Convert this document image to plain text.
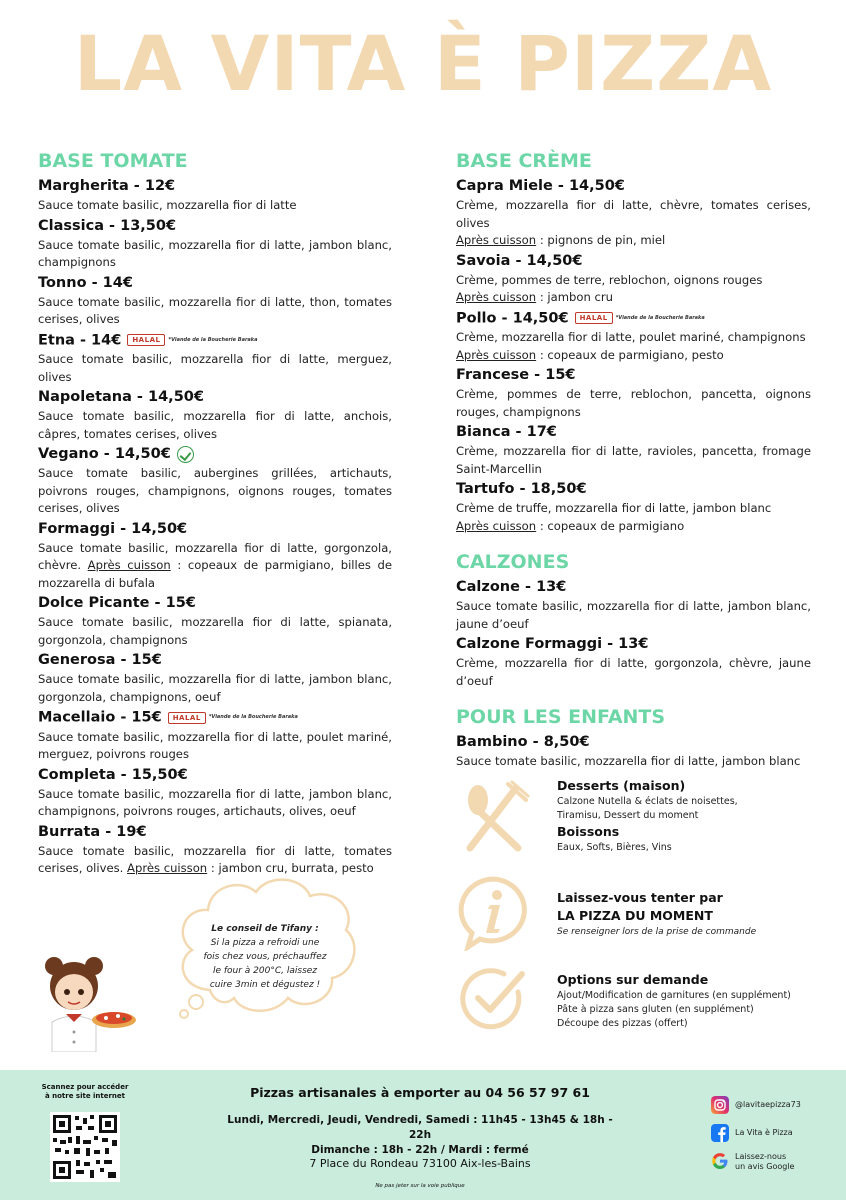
LA VITA È PIZZA
BASE TOMATE
Margherita - 12€
Sauce tomate basilic, mozzarella fior di latte
Classica - 13,50€
Sauce tomate basilic, mozzarella fior di latte, jambon blanc, champignons
Tonno - 14€
Sauce tomate basilic, mozzarella fior di latte, thon, tomates cerises, olives
Etna - 14€ HALAL *Viande de la Boucherie Baraka
Sauce tomate basilic, mozzarella fior di latte, merguez, olives
Napoletana - 14,50€
Sauce tomate basilic, mozzarella fior di latte, anchois, câpres, tomates cerises, olives
Vegano - 14,50€
Sauce tomate basilic, aubergines grillées, artichauts, poivrons rouges, champignons, oignons rouges, tomates cerises, olives
Formaggi - 14,50€
Sauce tomate basilic, mozzarella fior di latte, gorgonzola, chèvre. Après cuisson : copeaux de parmigiano, billes de mozzarella di bufala
Dolce Picante - 15€
Sauce tomate basilic, mozzarella fior di latte, spianata, gorgonzola, champignons
Generosa - 15€
Sauce tomate basilic, mozzarella fior di latte, jambon blanc, gorgonzola, champignons, oeuf
Macellaio - 15€ HALAL *Viande de la Boucherie Baraka
Sauce tomate basilic, mozzarella fior di latte, poulet mariné, merguez, poivrons rouges
Completa - 15,50€
Sauce tomate basilic, mozzarella fior di latte, jambon blanc, champignons, poivrons rouges, artichauts, olives, oeuf
Burrata - 19€
Sauce tomate basilic, mozzarella fior di latte, tomates cerises, olives. Après cuisson : jambon cru, burrata, pesto
BASE CRÈME
Capra Miele - 14,50€
Crème, mozzarella fior di latte, chèvre, tomates cerises, olives
Après cuisson : pignons de pin, miel
Savoia - 14,50€
Crème, pommes de terre, reblochon, oignons rouges
Après cuisson : jambon cru
Pollo - 14,50€ HALAL *Viande de la Boucherie Baraka
Crème, mozzarella fior di latte, poulet mariné, champignons
Après cuisson : copeaux de parmigiano, pesto
Francese - 15€
Crème, pommes de terre, reblochon, pancetta, oignons rouges, champignons
Bianca - 17€
Crème, mozzarella fior di latte, ravioles, pancetta, fromage Saint-Marcellin
Tartufo - 18,50€
Crème de truffe, mozzarella fior di latte, jambon blanc
Après cuisson : copeaux de parmigiano
CALZONES
Calzone - 13€
Sauce tomate basilic, mozzarella fior di latte, jambon blanc, jaune d’oeuf
Calzone Formaggi - 13€
Crème, mozzarella fior di latte, gorgonzola, chèvre, jaune d’oeuf
POUR LES ENFANTS
Bambino - 8,50€
Sauce tomate basilic, mozzarella fior di latte, jambon blanc
Desserts (maison)
Calzone Nutella & éclats de noisettes,
Tiramisu, Dessert du moment
Boissons
Eaux, Softs, Bières, Vins
Laissez-vous tenter par
LA PIZZA DU MOMENT
Se renseigner lors de la prise de commande
Options sur demande
Ajout/Modification de garnitures (en supplément)
Pâte à pizza sans gluten (en supplément)
Découpe des pizzas (offert)
Le conseil de Tifany :
Si la pizza a refroidi une
fois chez vous, préchauffez
le four à 200°C, laissez
cuire 3min et dégustez !
Scannez pour accéder
à notre site internet	Pizzas artisanales à emporter au 04 56 57 97 61
Lundi, Mercredi, Jeudi, Vendredi, Samedi : 11h45 - 13h45 & 18h - 22h
Dimanche : 18h - 22h / Mardi : fermé
7 Place du Rondeau 73100 Aix-les-Bains
Ne pas jeter sur la voie publique
@lavitaepizza73
La Vita è Pizza
Laissez-nous
un avis Google
